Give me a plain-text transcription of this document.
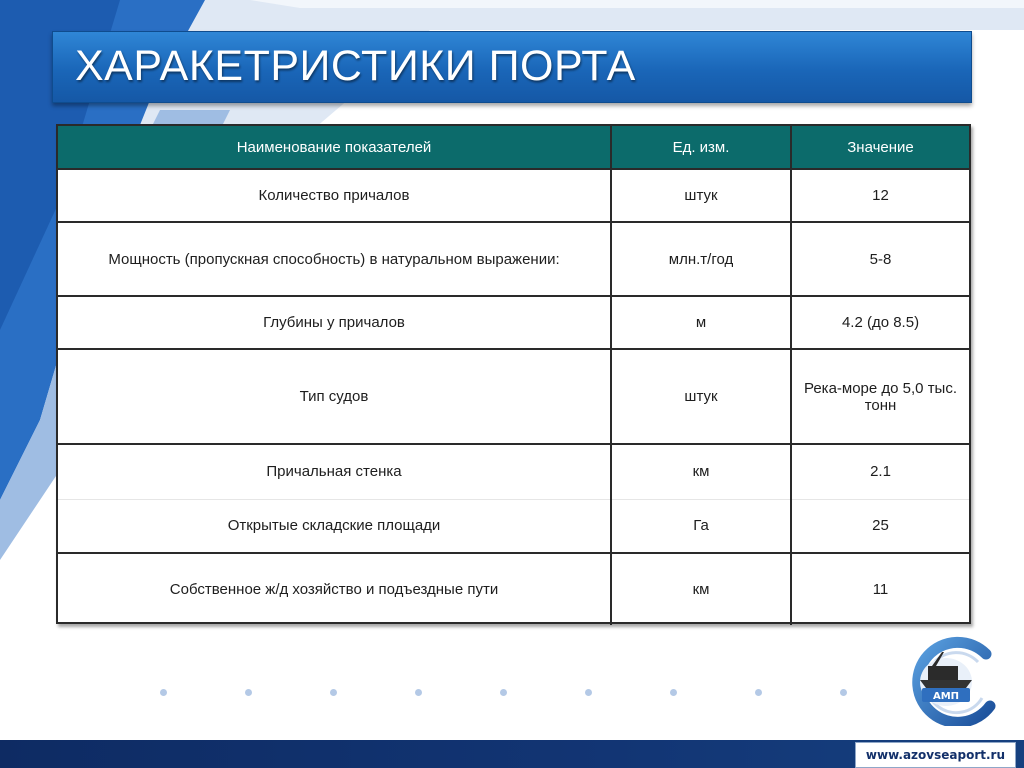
ХАРАКЕТРИСТИКИ ПОРТА
Наименование показателей	Ед. изм.	Значение
Количество причалов	штук	12
Мощность (пропускная способность) в натуральном выражении:	млн.т/год	5-8
Глубины у причалов	м	4.2 (до 8.5)
Тип судов	штук	Река-море до 5,0 тыс. тонн
Причальная стенка	км	2.1
Открытые складские площади	Га	25
Собственное ж/д хозяйство и подъездные пути	км	11
АМП
www.azovseaport.ru
